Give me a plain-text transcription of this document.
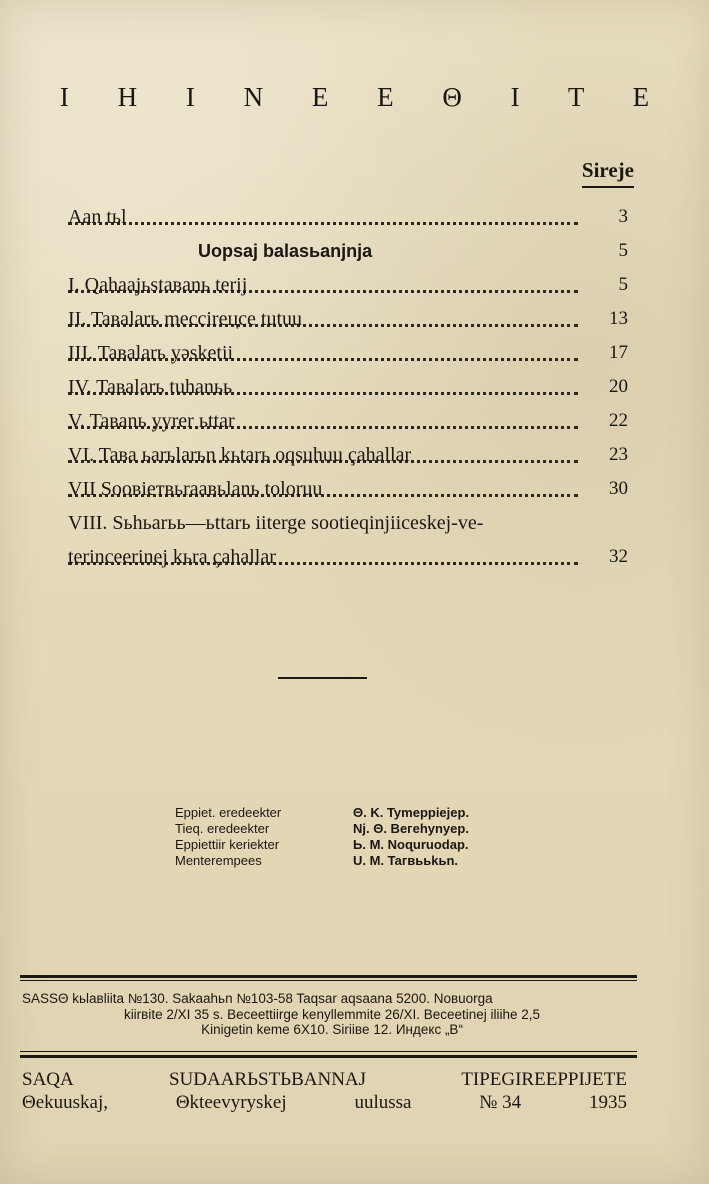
I H I N E E Θ I T E
Sireje
Aan tьl	3
Uopsaj balasьanjnja	5
I. Qahaajьstaвanь terij	5
II. Taвalarь meccireцce tutuu	13
III. Taвalarь yəsketii	17
IV. Taвalarь tuhanьь	20
V. Taвanь yyrer ьttar	22
VI. Taвa ьarьlarьn kьtarь oqsuhuu çahallar	23
VII Sooвieтвьraaвьlanь toloruu	30
VIII. Sьhьarьь—ьttarь iiterge sootieqinjiiceskej-ve-
terinceerinej kьra çahallar	32
Eppiet. eredeekter	Θ. K. Tymeppiejep.
Tieq. eredeekter	Nj. Θ. Beгehynyep.
Eppiettiir keriekter	Ь. M. Noɋuruodap.
Menterempees	U. M. Taгвььkьn.
SASSΘ kьlaвliita №130. Sakaahьn №103-58 Taqsar aqsaana 5200. Noвuorga
kiirвite 2/XI 35 s. Beceettiirge kenyllemmite 26/XI. Beceetinej iliihe 2,5
Kinigetin keme 6X10. Siriiвe 12. Индекс „B“
SAQA	SUDAARЬSTЬBANNAJ	TIPEGIREEPPIJETE
Θekuuskaj,	Θkteevyryskej	uulussa	№ 34	1935
